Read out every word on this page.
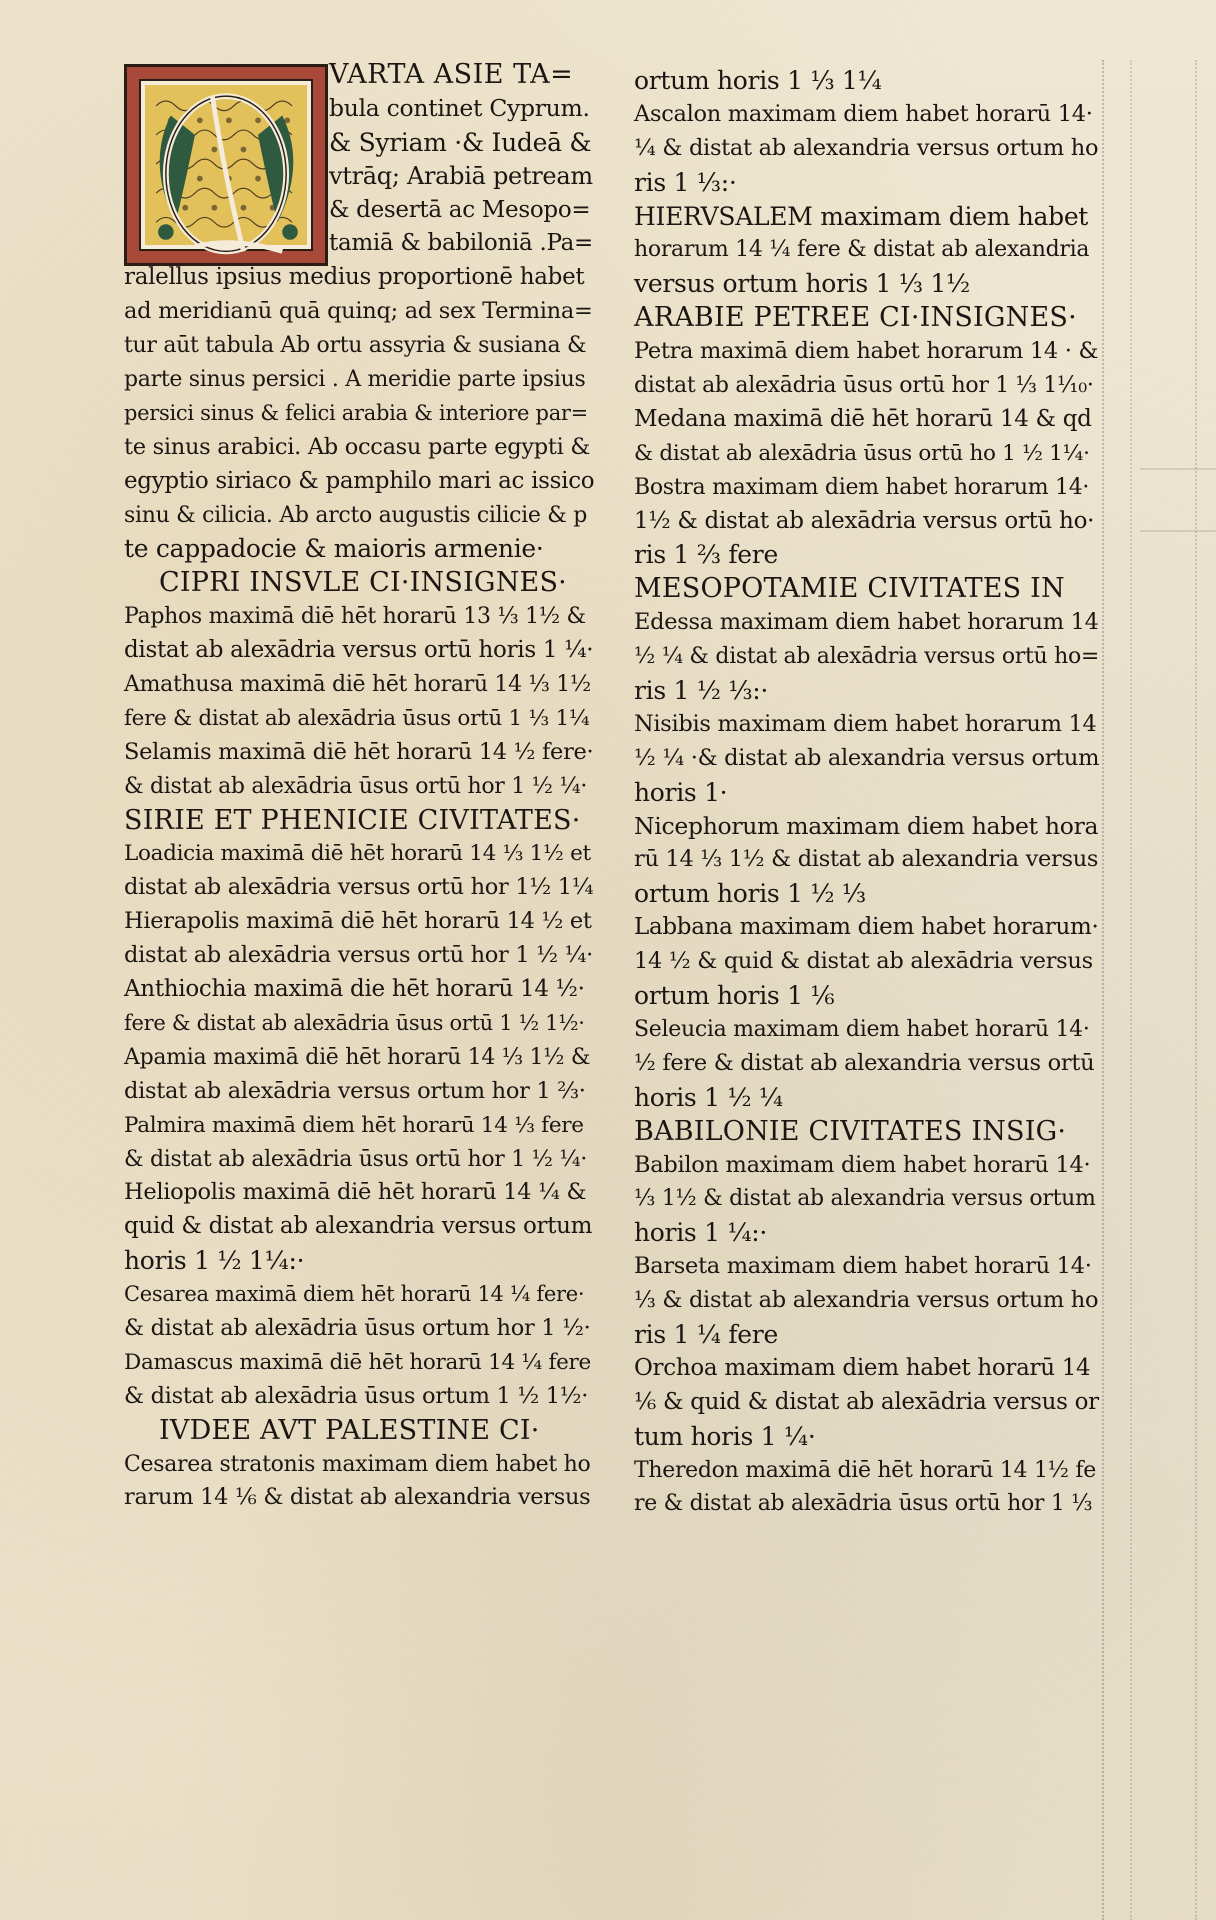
VARTA ASIE TA=
bula continet Cyprum.
& Syriam ·& Iudeā &
vtrāq; Arabiā petream
& desertā ac Mesopo=
tamiā & babiloniā .Pa=
ralellus ipsius medius proportionē habet
ad meridianū quā quinq; ad sex Termina=
tur aūt tabula Ab ortu assyria & susiana &
parte sinus persici . A meridie parte ipsius
persici sinus & felici arabia & interiore par=
te sinus arabici. Ab occasu parte egypti &
egyptio siriaco & pamphilo mari ac issico
sinu & cilicia. Ab arcto augustis cilicie & p
te cappadocie & maioris armenie·
CIPRI INSVLE CI·INSIGNES·
Paphos maximā diē hēt horarū 13 ⅓ 1½ &
distat ab alexādria versus ortū horis 1 ¼·
Amathusa maximā diē hēt horarū 14 ⅓ 1½
fere & distat ab alexādria ūsus ortū 1 ⅓ 1¼
Selamis maximā diē hēt horarū 14 ½ fere·
& distat ab alexādria ūsus ortū hor 1 ½ ¼·
SIRIE ET PHENICIE CIVITATES·
Loadicia maximā diē hēt horarū 14 ⅓ 1½ et
distat ab alexādria versus ortū hor 1½ 1¼
Hierapolis maximā diē hēt horarū 14 ½ et
distat ab alexādria versus ortū hor 1 ½ ¼·
Anthiochia maximā die hēt horarū 14 ½·
fere & distat ab alexādria ūsus ortū 1 ½ 1½·
Apamia maximā diē hēt horarū 14 ⅓ 1½ &
distat ab alexādria versus ortum hor 1 ⅔·
Palmira maximā diem hēt horarū 14 ⅓ fere
& distat ab alexādria ūsus ortū hor 1 ½ ¼·
Heliopolis maximā diē hēt horarū 14 ¼ &
quid & distat ab alexandria versus ortum
horis 1 ½ 1¼:·
Cesarea maximā diem hēt horarū 14 ¼ fere·
& distat ab alexādria ūsus ortum hor 1 ½·
Damascus maximā diē hēt horarū 14 ¼ fere
& distat ab alexādria ūsus ortum 1 ½ 1½·
IVDEE AVT PALESTINE CI·
Cesarea stratonis maximam diem habet ho
rarum 14 ⅙ & distat ab alexandria versus
ortum horis 1 ⅓ 1¼
Ascalon maximam diem habet horarū 14·
¼ & distat ab alexandria versus ortum ho
ris 1 ⅓:·
HIERVSALEM maximam diem habet
horarum 14 ¼ fere & distat ab alexandria
versus ortum horis 1 ⅓ 1½
ARABIE PETREE CI·INSIGNES·
Petra maximā diem habet horarum 14 · &
distat ab alexādria ūsus ortū hor 1 ⅓ 1⅒·
Medana maximā diē hēt horarū 14 & qd
& distat ab alexādria ūsus ortū ho 1 ½ 1¼·
Bostra maximam diem habet horarum 14·
1½ & distat ab alexādria versus ortū ho·
ris 1 ⅔ fere
MESOPOTAMIE CIVITATES IN
Edessa maximam diem habet horarum 14
½ ¼ & distat ab alexādria versus ortū ho=
ris 1 ½ ⅓:·
Nisibis maximam diem habet horarum 14
½ ¼ ·& distat ab alexandria versus ortum
horis 1·
Nicephorum maximam diem habet hora
rū 14 ⅓ 1½ & distat ab alexandria versus
ortum horis 1 ½ ⅓
Labbana maximam diem habet horarum·
14 ½ & quid & distat ab alexādria versus
ortum horis 1 ⅙
Seleucia maximam diem habet horarū 14·
½ fere & distat ab alexandria versus ortū
horis 1 ½ ¼
BABILONIE CIVITATES INSIG·
Babilon maximam diem habet horarū 14·
⅓ 1½ & distat ab alexandria versus ortum
horis 1 ¼:·
Barseta maximam diem habet horarū 14·
⅓ & distat ab alexandria versus ortum ho
ris 1 ¼ fere
Orchoa maximam diem habet horarū 14
⅙ & quid & distat ab alexādria versus or
tum horis 1 ¼·
Theredon maximā diē hēt horarū 14 1½ fe
re & distat ab alexādria ūsus ortū hor 1 ⅓
